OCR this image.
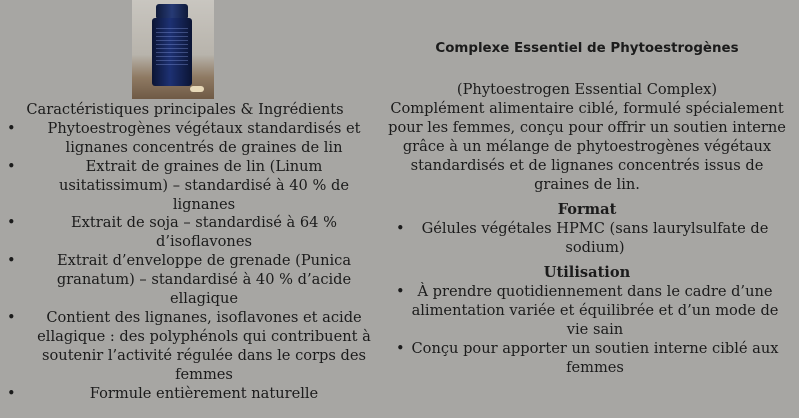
Caractéristiques principales & Ingrédients
• Phytoestrogènes végétaux standardisés et lignanes concentrés de graines de lin
•	Extrait de graines de lin (Linum usitatissimum) – standardisé à 40 % de lignanes
•	Extrait de soja – standardisé à 64 % d’isoflavones
•	Extrait d’enveloppe de grenade (Punica granatum) – standardisé à 40 % d’acide ellagique
• Contient des lignanes, isoflavones et acide ellagique : des polyphénols qui contribuent à soutenir l’activité régulée dans le corps des femmes
•	Formule entièrement naturelle

Complexe Essentiel de Phytoestrogènes

(Phytoestrogen Essential Complex)

Complément alimentaire ciblé, formulé spécialement pour les femmes, conçu pour offrir un soutien interne grâce à un mélange de phytoestrogènes végétaux standardisés et de lignanes concentrés issus de graines de lin.

Format

• Gélules végétales HPMC (sans laurylsulfate de sodium)

Utilisation

• À prendre quotidiennement dans le cadre d’une alimentation variée et équilibrée et d’un mode de vie sain
• Conçu pour apporter un soutien interne ciblé aux femmes
